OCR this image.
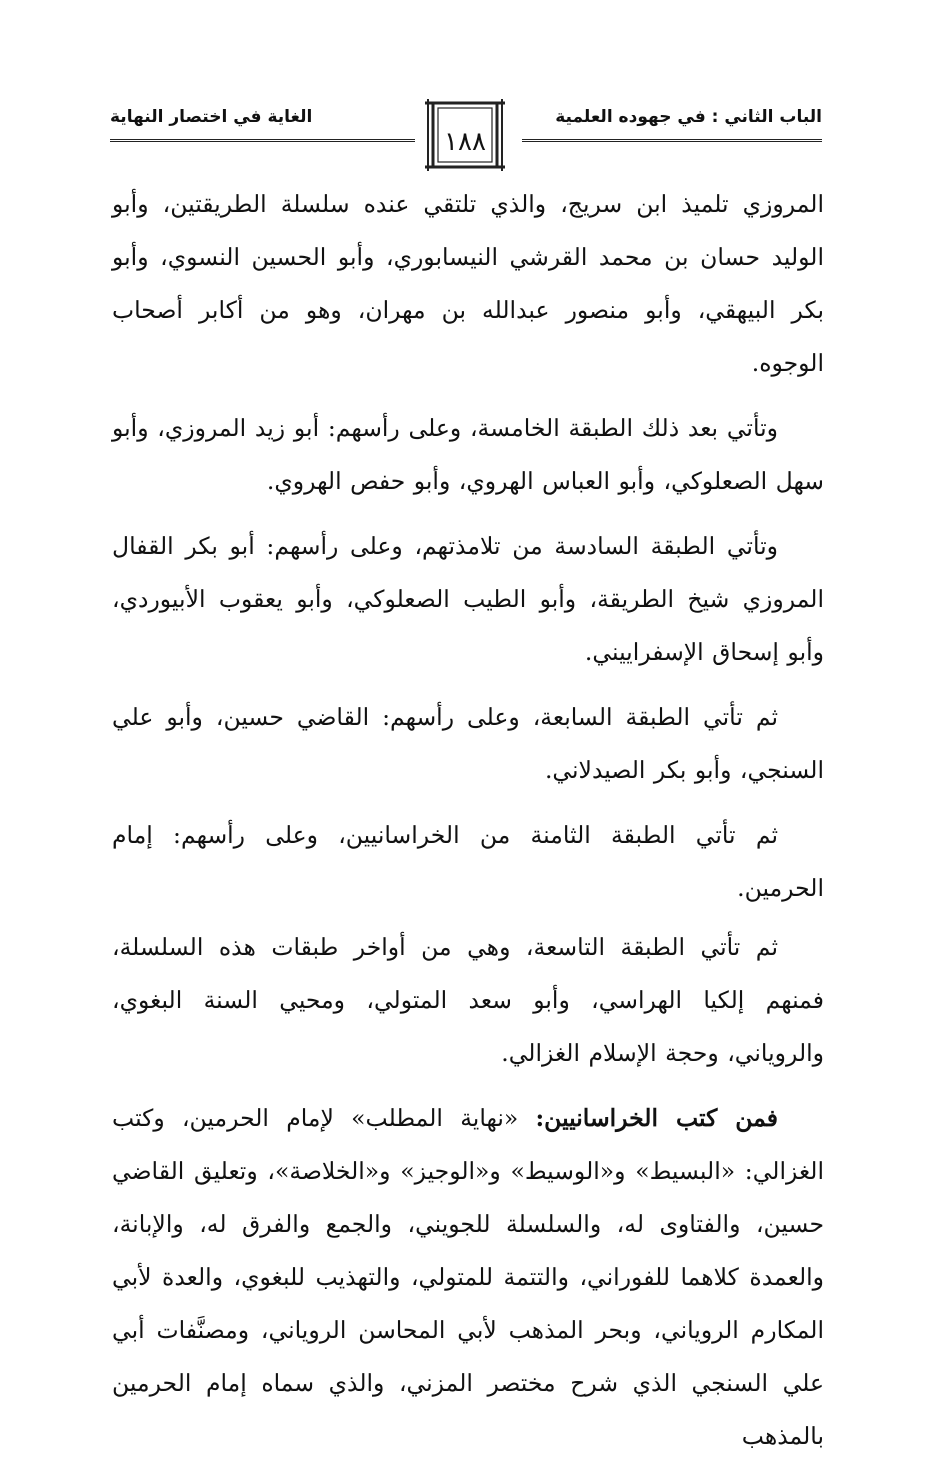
الباب الثاني : في جهوده العلمية
الغاية في اختصار النهاية
١٨٨

المروزي تلميذ ابن سريج، والذي تلتقي عنده سلسلة الطريقتين، وأبو الوليد حسان بن محمد القرشي النيسابوري، وأبو الحسين النسوي، وأبو بكر البيهقي، وأبو منصور عبدالله بن مهران، وهو من أكابر أصحاب الوجوه.

وتأتي بعد ذلك الطبقة الخامسة، وعلى رأسهم: أبو زيد المروزي، وأبو سهل الصعلوكي، وأبو العباس الهروي، وأبو حفص الهروي.

وتأتي الطبقة السادسة من تلامذتهم، وعلى رأسهم: أبو بكر القفال المروزي شيخ الطريقة، وأبو الطيب الصعلوكي، وأبو يعقوب الأبيوردي، وأبو إسحاق الإسفراييني.

ثم تأتي الطبقة السابعة، وعلى رأسهم: القاضي حسين، وأبو علي السنجي، وأبو بكر الصيدلاني.

ثم تأتي الطبقة الثامنة من الخراسانيين، وعلى رأسهم: إمام الحرمين.

ثم تأتي الطبقة التاسعة، وهي من أواخر طبقات هذه السلسلة، فمنهم إلكيا الهراسي، وأبو سعد المتولي، ومحيي السنة البغوي، والروياني، وحجة الإسلام الغزالي.

فمن كتب الخراسانيين: «نهاية المطلب» لإمام الحرمين، وكتب الغزالي: «البسيط» و«الوسيط» و«الوجيز» و«الخلاصة»، وتعليق القاضي حسين، والفتاوى له، والسلسلة للجويني، والجمع والفرق له، والإبانة، والعمدة كلاهما للفوراني، والتتمة للمتولي، والتهذيب للبغوي، والعدة لأبي المكارم الروياني، وبحر المذهب لأبي المحاسن الروياني، ومصنَّفات أبي علي السنجي الذي شرح مختصر المزني، والذي سماه إمام الحرمين بالمذهب
